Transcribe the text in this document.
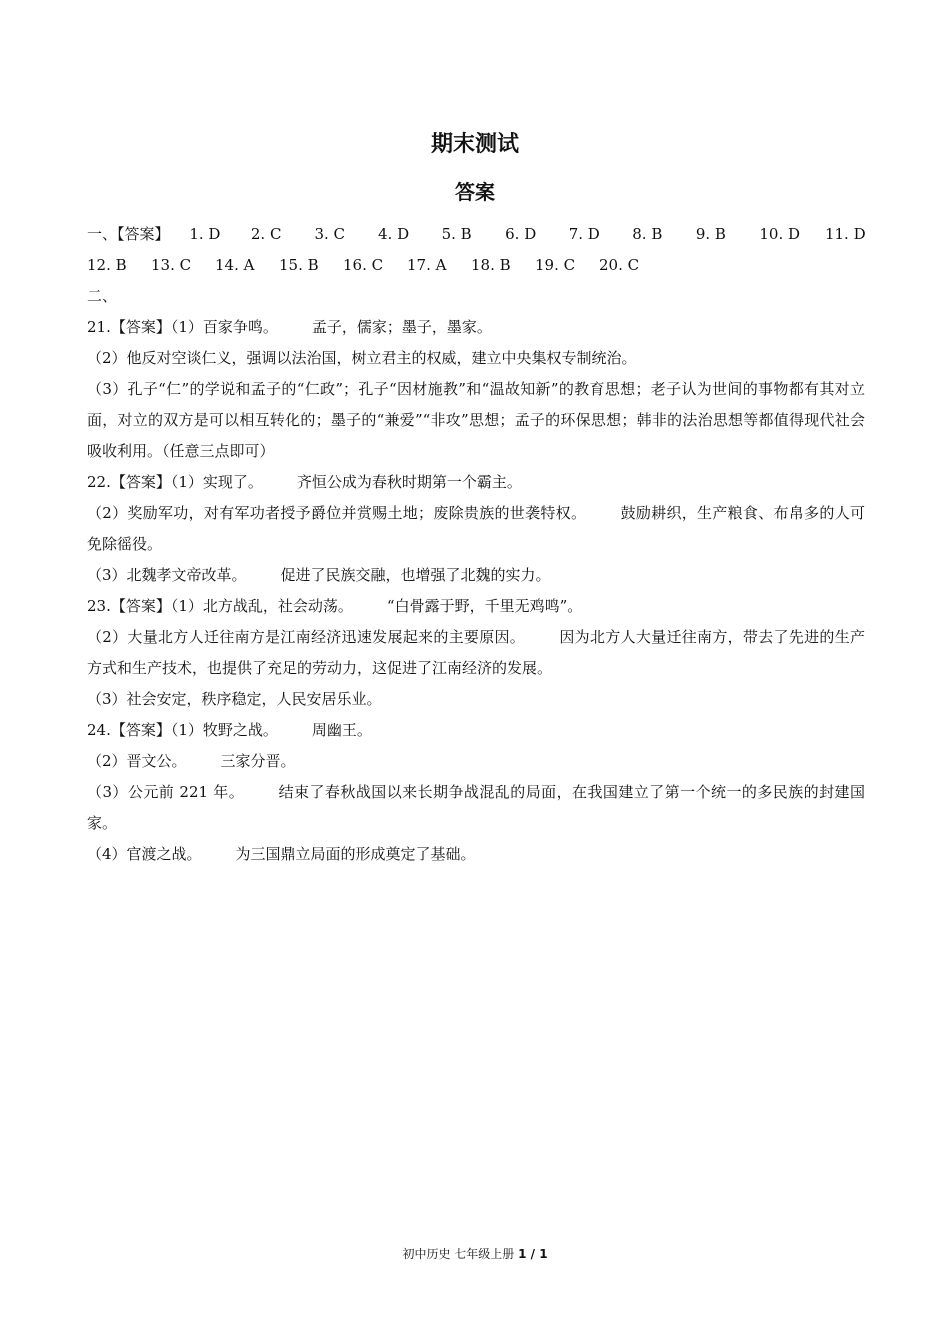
期末测试
答案
一、【答案】	1. D	2. C	3. C	4. D	5. B	6. D	7. D	8. B	9. B	10. D	11. D
12. B	13. C	14. A	15. B	16. C	17. A	18. B	19. C	20. C
二、
21.【答案】（1）百家争鸣。 孟子，儒家；墨子，墨家。
（2）他反对空谈仁义，强调以法治国，树立君主的权威，建立中央集权专制统治。
（3）孔子“仁”的学说和孟子的“仁政”；孔子“因材施教”和“温故知新”的教育思想；老子认为世间的事物都有其对立面，对立的双方是可以相互转化的；墨子的“兼爱”“非攻”思想；孟子的环保思想；韩非的法治思想等都值得现代社会吸收利用。（任意三点即可）
22.【答案】（1）实现了。 齐恒公成为春秋时期第一个霸主。
（2）奖励军功，对有军功者授予爵位并赏赐土地；废除贵族的世袭特权。 鼓励耕织，生产粮食、布帛多的人可免除徭役。
（3）北魏孝文帝改革。 促进了民族交融，也增强了北魏的实力。
23.【答案】（1）北方战乱，社会动荡。 “白骨露于野，千里无鸡鸣”。
（2）大量北方人迁往南方是江南经济迅速发展起来的主要原因。 因为北方人大量迁往南方，带去了先进的生产方式和生产技术，也提供了充足的劳动力，这促进了江南经济的发展。
（3）社会安定，秩序稳定，人民安居乐业。
24.【答案】（1）牧野之战。 周幽王。
（2）晋文公。 三家分晋。
（3）公元前 221 年。 结束了春秋战国以来长期争战混乱的局面，在我国建立了第一个统一的多民族的封建国家。
（4）官渡之战。 为三国鼎立局面的形成奠定了基础。
初中历史 七年级上册 1 / 1
